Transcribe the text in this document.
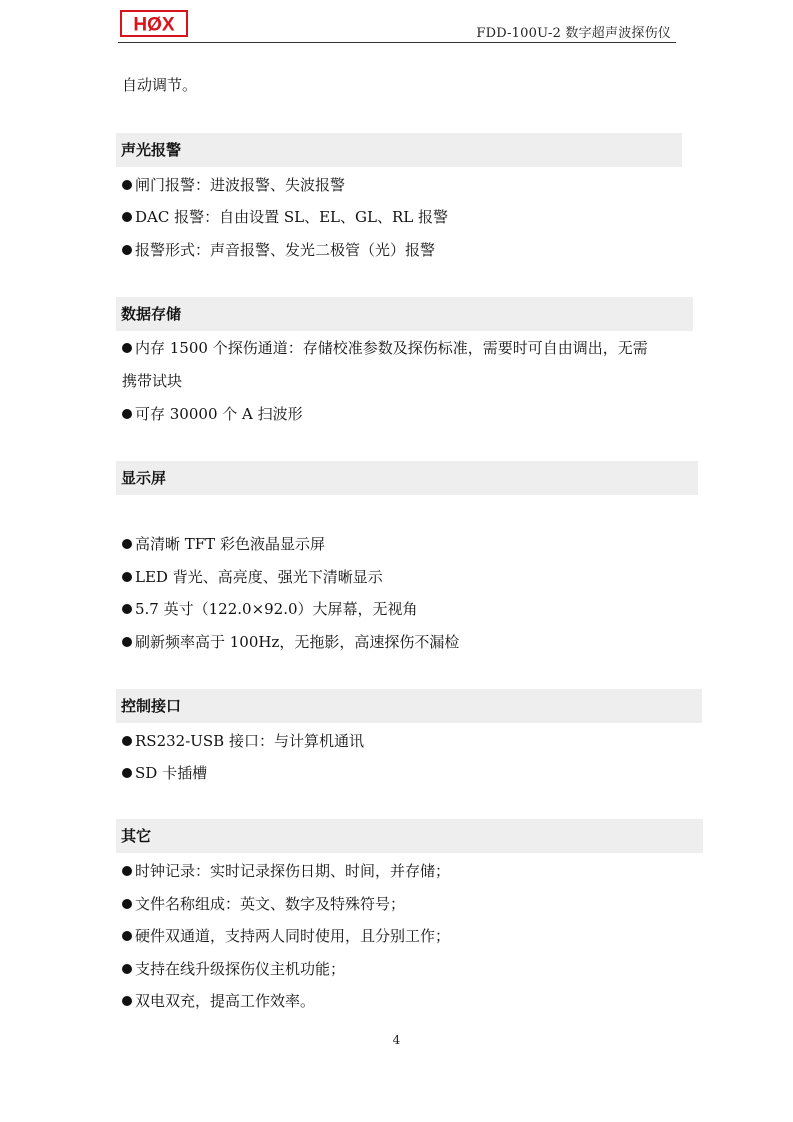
HØX	FDD-100U-2 数字超声波探伤仪
自动调节。
声光报警
闸门报警：进波报警、失波报警
DAC 报警：自由设置 SL、EL、GL、RL 报警
报警形式：声音报警、发光二极管（光）报警
数据存储
内存 1500 个探伤通道：存储校准参数及探伤标准，需要时可自由调出，无需
携带试块
可存 30000 个 A 扫波形
显示屏
高清晰 TFT 彩色液晶显示屏
LED 背光、高亮度、强光下清晰显示
5.7 英寸（122.0×92.0）大屏幕，无视角
刷新频率高于 100Hz，无拖影，高速探伤不漏检
控制接口
RS232-USB 接口：与计算机通讯
SD 卡插槽
其它
时钟记录：实时记录探伤日期、时间，并存储；
文件名称组成：英文、数字及特殊符号；
硬件双通道，支持两人同时使用，且分别工作；
支持在线升级探伤仪主机功能；
双电双充，提高工作效率。
4
